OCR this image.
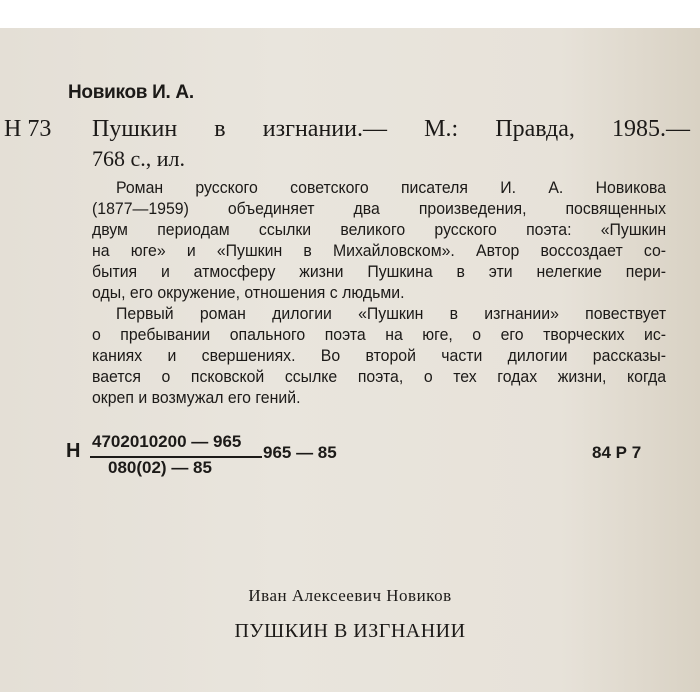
Новиков И. А.
Н 73 Пушкин в изгнании.— М.: Правда, 1985.—
768 с., ил.
Роман русского советского писателя И. А. Новикова
(1877—1959) объединяет два произведения, посвященных
двум периодам ссылки великого русского поэта: «Пушкин
на юге» и «Пушкин в Михайловском». Автор воссоздает со-
бытия и атмосферу жизни Пушкина в эти нелегкие пери-
оды, его окружение, отношения с людьми.
Первый роман дилогии «Пушкин в изгнании» повествует
о пребывании опального поэта на юге, о его творческих ис-
каниях и свершениях. Во второй части дилогии рассказы-
вается о псковской ссылке поэта, о тех годах жизни, когда
окреп и возмужал его гений.
Н 4702010200 — 965
080(02) — 85
965 — 85	84 Р 7
Иван Алексеевич Новиков
ПУШКИН В ИЗГНАНИИ
